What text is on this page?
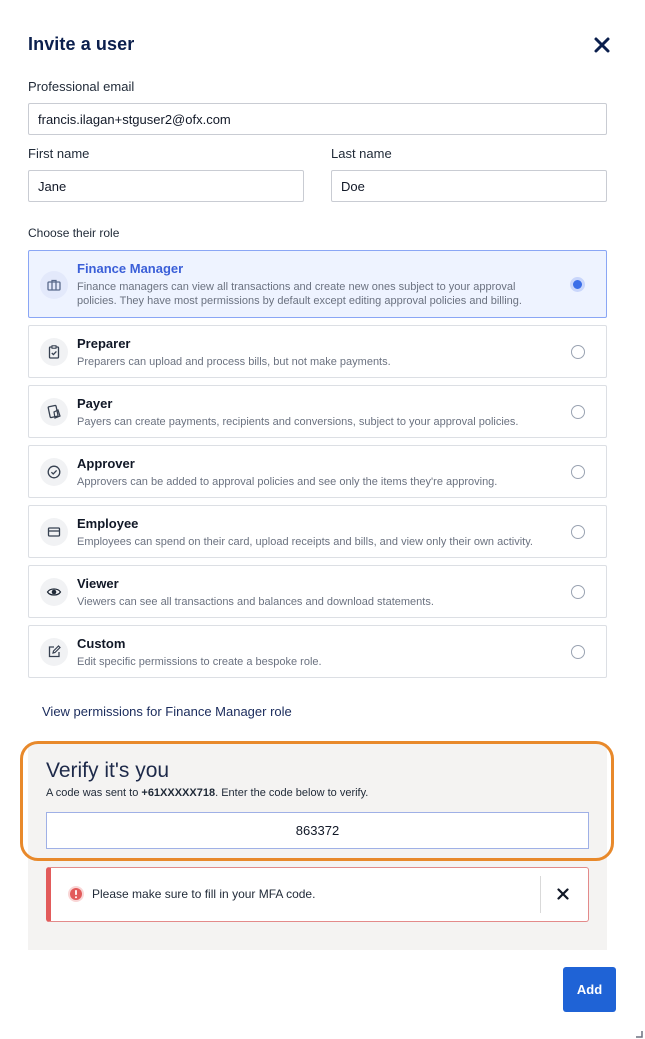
Invite a user
Professional email
francis.ilagan+stguser2@ofx.com
First name
Jane	Last name
Doe
Choose their role
Finance Manager
Finance managers can view all transactions and create new ones subject to your approval policies. They have most permissions by default except editing approval policies and billing.
Preparer
Preparers can upload and process bills, but not make payments.
Payer
Payers can create payments, recipients and conversions, subject to your approval policies.
Approver
Approvers can be added to approval policies and see only the items they're approving.
Employee
Employees can spend on their card, upload receipts and bills, and view only their own activity.
Viewer
Viewers can see all transactions and balances and download statements.
Custom
Edit specific permissions to create a bespoke role.
View permissions for Finance Manager role
Verify it's you
A code was sent to +61XXXXX718. Enter the code below to verify.
863372
Please make sure to fill in your MFA code.
Add
